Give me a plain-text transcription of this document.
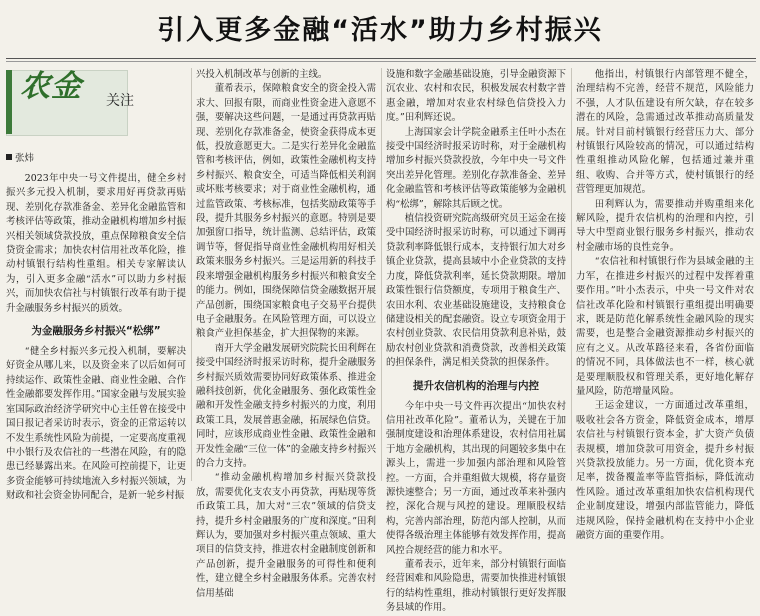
引入更多金融“活水”助力乡村振兴
农金 关注
张炜

2023年中央一号文件提出，健全乡村振兴多元投入机制，要求用好再贷款再贴现、差别化存款准备金、差异化金融监管和考核评估等政策，推动金融机构增加乡村振兴相关领域贷款投放，重点保障粮食安全信贷资金需求；加快农村信用社改革化险，推动村镇银行结构性重组。相关专家解读认为，引入更多金融“活水”可以助力乡村振兴，而加快农信社与村镇银行改革有助于提升金融服务乡村振兴的质效。

为金融服务乡村振兴“松绑”

“健全乡村振兴多元投入机制，要解决好资金从哪儿来，以及资金来了以后如何可持续运作、政策性金融、商业性金融、合作性金融都要发挥作用。”国家金融与发展实验室国际政治经济学研究中心主任曾在接受中国日报记者采访时表示，资金的正常运转以不发生系统性风险为前提，一定要高度重视中小银行及农信社的一些潜在风险，有的隐患已经暴露出来。在风险可控前提下，让更多资金能够可持续地流入乡村振兴领域，为财政和社会资金协同配合，是新一轮乡村振

兴投入机制改革与创新的主线。

董希表示，保障粮食安全的资金投入需求大、回报有限，而商业性资金进入意愿不强，要解决这些问题，一是通过再贷款再贴现、差别化存款准备金，使资金获得成本更低，投放意愿更大。二是实行差异化金融监管和考核评估，例如，政策性金融机构支持乡村振兴、粮食安全，可适当降低相关利润或坏账考核要求；对于商业性金融机构，通过监管政策、考核标准，包括奖励政策等手段，提升其服务乡村振兴的意愿。特别是要加强窗口指导，统计监测、总结评估，政策调节等，督促指导商业性金融机构用好相关政策来服务乡村振兴。三是运用新的科技手段来增强金融机构服务乡村振兴和粮食安全的能力。例如，围绕保障信贷金融数据开展产品创新，围绕国家粮食电子交易平台提供电子金融服务。在风险管理方面，可以设立粮食产业担保基金，扩大担保物的来源。

南开大学金融发展研究院院长田利辉在接受中国经济时报采访时称，提升金融服务乡村振兴质效需要协同好政策体系、推进金融科技创新，优化金融服务、强化政策性金融和开发性金融支持乡村振兴的力度，利用政策工具，发展普惠金融，拓展绿色信贷。同时，应该形成商业性金融、政策性金融和开发性金融“三位一体”的金融支持乡村振兴的合力支持。

“推动金融机构增加乡村振兴贷款投放，需要优化支农支小再贷款，再贴现等货币政策工具，加大对“三农”领域的信贷支持，提升乡村金融服务的广度和深度。”田利辉认为，要加强对乡村振兴重点领域、重大项目的信贷支持，推进农村金融制度创新和产品创新，提升金融服务的可得性和便利性，建立健全乡村金融服务体系。完善农村信用基础

设施和数字金融基础设施，引导金融资源下沉农业、农村和农民，积极发展农村数字普惠金融，增加对农业农村绿色信贷投入力度。”田利辉还说。

上海国家会计学院金融系主任叶小杰在接受中国经济时报采访时称，对于金融机构增加乡村振兴贷款投放，今年中央一号文件突出差异化管理。差别化存款准备金、差异化金融监管和考核评估等政策能够为金融机构“松绑”，解除其后顾之忧。

植信投资研究院高级研究员王运金在接受中国经济时报采访时称，可以通过下调再贷款利率降低银行成本，支持银行加大对乡镇企业贷款，提高县域中小企业贷款的支持力度，降低贷款利率，延长贷款期限。增加政策性银行信贷额度，专项用于粮食生产、农田水利、农业基础设施建设，支持粮食仓储建设相关的配套融资。设立专项资金用于农村创业贷款、农民信用贷款利息补贴，鼓励农村创业贷款和消费贷款，改善相关政策的担保条件，满足相关贷款的担保条件。

提升农信机构的治理与内控

今年中央一号文件再次提出“加快农村信用社改革化险”。董希认为，关键在于加强制度建设和治理体系建设，农村信用社属于地方金融机构，其出现的问题较多集中在源头上，需进一步加强内部治理和风险管控。一方面，合并重组做大规模，将存量资源快速整合；另一方面，通过改革来补强内控，深化合规与风控的建设。理顺股权结构，完善内部治理，防范内部人控制，从而使得各级治理主体能够有效发挥作用，提高风控合规经营的能力和水平。

董希表示，近年来，部分村镇银行面临经营困难和风险隐患，需要加快推进村镇银行的结构性重组，推动村镇银行更好发挥服务县域的作用。

他指出，村镇银行内部管理不健全，治理结构不完善，经营不规范，风险能力不强，人才队伍建设有所欠缺，存在较多潜在的风险，急需通过改革推动高质量发展。针对目前村镇银行经营压力大、部分村镇银行风险较高的情况，可以通过结构性重组推动风险化解，包括通过兼并重组、收购、合并等方式，使村镇银行的经营管理更加规范。

田利辉认为，需要推动并购重组来化解风险，提升农信机构的治理和内控，引导大中型商业银行服务乡村振兴，推动农村金融市场的良性竞争。

“农信社和村镇银行作为县域金融的主力军，在推进乡村振兴的过程中发挥着重要作用。”叶小杰表示，中央一号文件对农信社改革化险和村镇银行重组提出明确要求，既是防范化解系统性金融风险的现实需要，也是整合金融资源推动乡村振兴的应有之义。从改革路径来看，各省份面临的情况不同，具体做法也不一样，核心就是要理顺股权和管理关系，更好地化解存量风险，防范增量风险。

王运金建议，一方面通过改革重组，吸收社会各方资金，降低资金成本，增厚农信社与村镇银行资本金，扩大资产负债表规模，增加贷款可用资金，提升乡村振兴贷款投放能力。另一方面，优化资本充足率，拨备覆盖率等监管指标，降低流动性风险。通过改革重组加快农信机构现代企业制度建设，增强内部监管能力，降低违规风险，保持金融机构在支持中小企业融资方面的重要作用。
